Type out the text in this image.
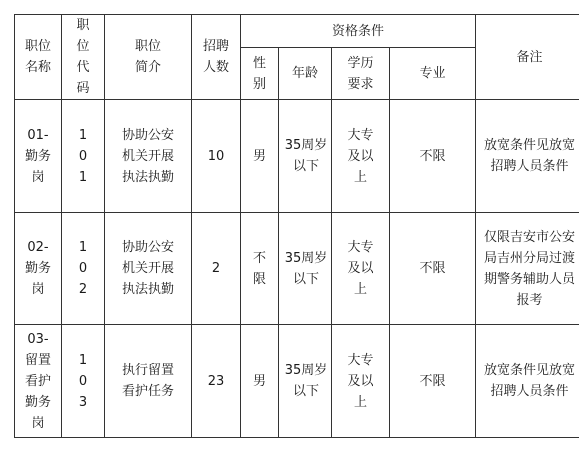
职位名称	职位代码	职位简介	招聘人数	资格条件				备注
				性别	年龄	学历要求	专业	
01-勤务岗	101	协助公安机关开展执法执勤	10	男	35周岁以下	大专及以上	不限	放宽条件见放宽招聘人员条件
02-勤务岗	102	协助公安机关开展执法执勤	2	不限	35周岁以下	大专及以上	不限	仅限吉安市公安局吉州分局过渡期警务辅助人员报考
03-留置看护勤务岗	103	执行留置看护任务	23	男	35周岁以下	大专及以上	不限	放宽条件见放宽招聘人员条件
